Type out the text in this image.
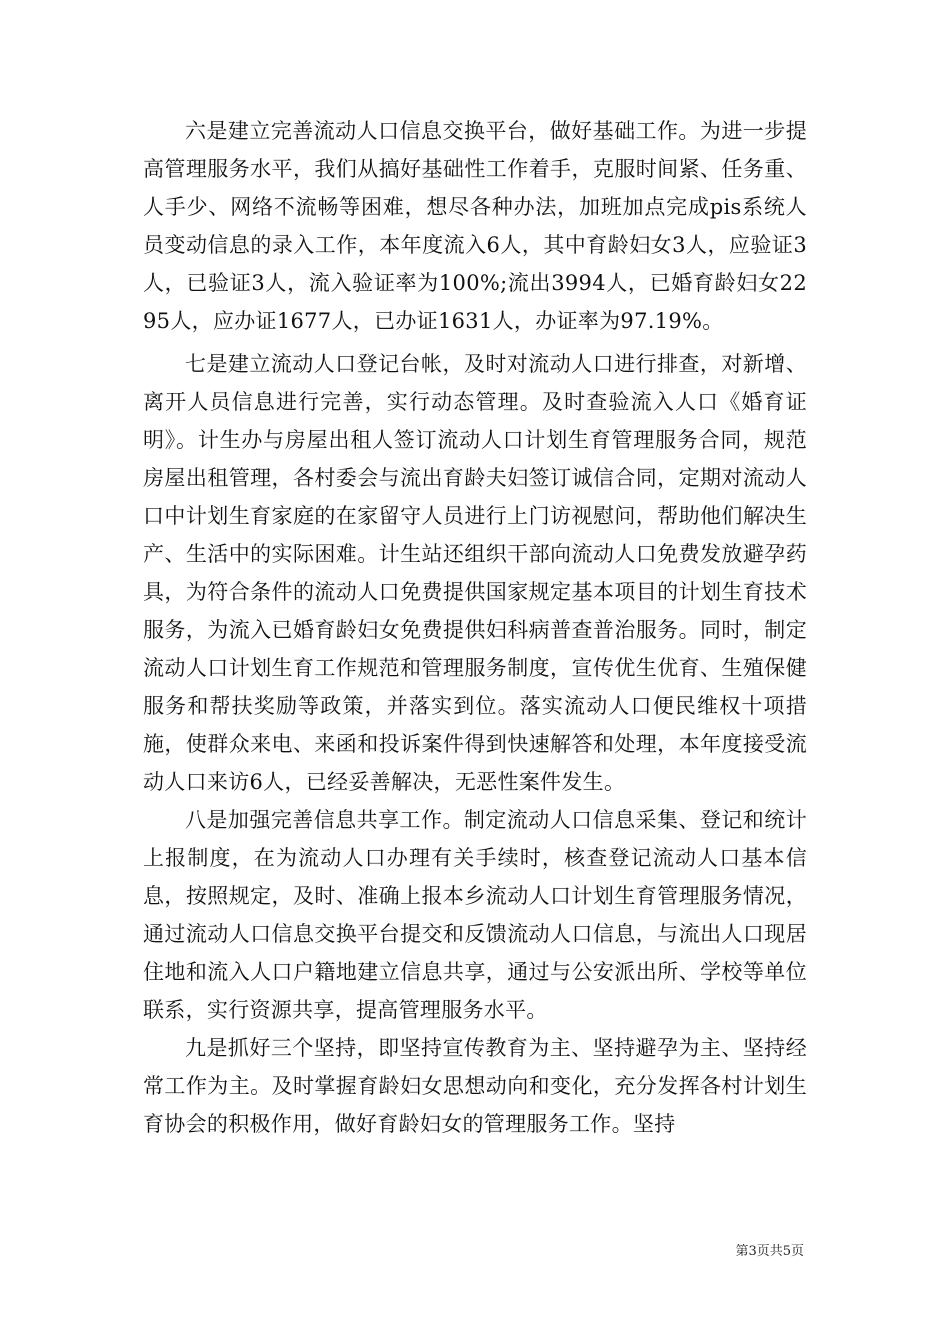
六是建立完善流动人口信息交换平台，做好基础工作。为进一步提高管理服务水平，我们从搞好基础性工作着手，克服时间紧、任务重、人手少、网络不流畅等困难，想尽各种办法，加班加点完成pis系统人员变动信息的录入工作，本年度流入6人，其中育龄妇女3人，应验证3人，已验证3人，流入验证率为100%;流出3994人，已婚育龄妇女2295人，应办证1677人，已办证1631人，办证率为97.19%。

七是建立流动人口登记台帐，及时对流动人口进行排查，对新增、离开人员信息进行完善，实行动态管理。及时查验流入人口《婚育证明》。计生办与房屋出租人签订流动人口计划生育管理服务合同，规范房屋出租管理，各村委会与流出育龄夫妇签订诚信合同，定期对流动人口中计划生育家庭的在家留守人员进行上门访视慰问，帮助他们解决生产、生活中的实际困难。计生站还组织干部向流动人口免费发放避孕药具，为符合条件的流动人口免费提供国家规定基本项目的计划生育技术服务，为流入已婚育龄妇女免费提供妇科病普查普治服务。同时，制定流动人口计划生育工作规范和管理服务制度，宣传优生优育、生殖保健服务和帮扶奖励等政策，并落实到位。落实流动人口便民维权十项措施，使群众来电、来函和投诉案件得到快速解答和处理，本年度接受流动人口来访6人，已经妥善解决，无恶性案件发生。

八是加强完善信息共享工作。制定流动人口信息采集、登记和统计上报制度，在为流动人口办理有关手续时，核查登记流动人口基本信息，按照规定，及时、准确上报本乡流动人口计划生育管理服务情况，通过流动人口信息交换平台提交和反馈流动人口信息，与流出人口现居住地和流入人口户籍地建立信息共享，通过与公安派出所、学校等单位联系，实行资源共享，提高管理服务水平。

九是抓好三个坚持，即坚持宣传教育为主、坚持避孕为主、坚持经常工作为主。及时掌握育龄妇女思想动向和变化，充分发挥各村计划生育协会的积极作用，做好育龄妇女的管理服务工作。坚持

第3页共5页
